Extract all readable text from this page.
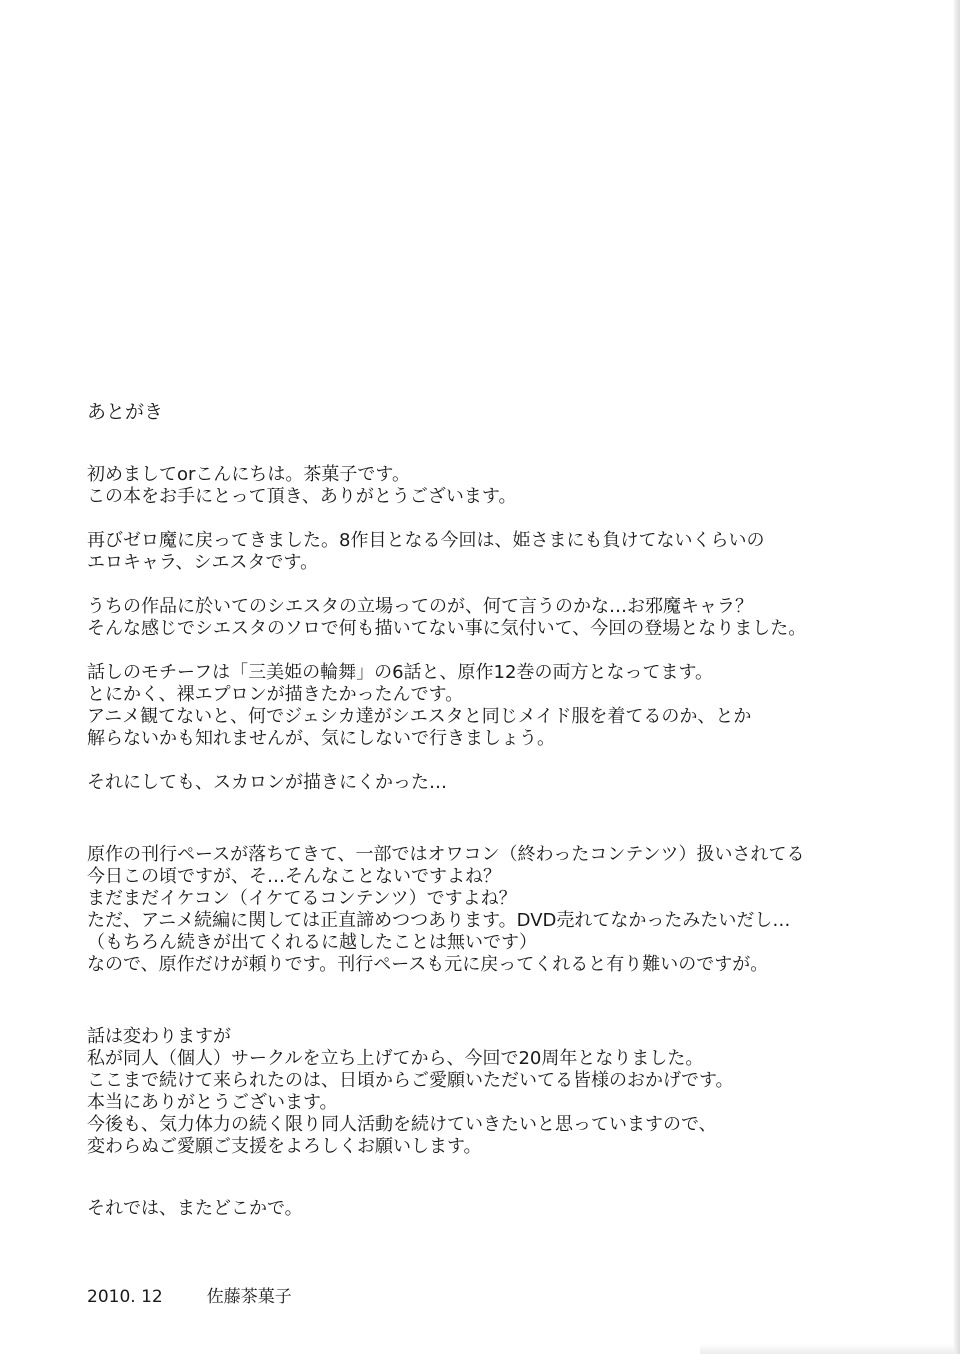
あとがき

初めましてorこんにちは。茶菓子です。
この本をお手にとって頂き、ありがとうございます。

再びゼロ魔に戻ってきました。8作目となる今回は、姫さまにも負けてないくらいの
エロキャラ、シエスタです。

うちの作品に於いてのシエスタの立場ってのが、何て言うのかな…お邪魔キャラ？
そんな感じでシエスタのソロで何も描いてない事に気付いて、今回の登場となりました。

話しのモチーフは「三美姫の輪舞」の6話と、原作12巻の両方となってます。
とにかく、裸エプロンが描きたかったんです。
アニメ観てないと、何でジェシカ達がシエスタと同じメイド服を着てるのか、とか
解らないかも知れませんが、気にしないで行きましょう。

それにしても、スカロンが描きにくかった…

原作の刊行ペースが落ちてきて、一部ではオワコン（終わったコンテンツ）扱いされてる
今日この頃ですが、そ…そんなことないですよね？
まだまだイケコン（イケてるコンテンツ）ですよね？
ただ、アニメ続編に関しては正直諦めつつあります。DVD売れてなかったみたいだし…
（もちろん続きが出てくれるに越したことは無いです）
なので、原作だけが頼りです。刊行ペースも元に戻ってくれると有り難いのですが。

話は変わりますが
私が同人（個人）サークルを立ち上げてから、今回で20周年となりました。
ここまで続けて来られたのは、日頃からご愛願いただいてる皆様のおかげです。
本当にありがとうございます。
今後も、気力体力の続く限り同人活動を続けていきたいと思っていますので、
変わらぬご愛願ご支援をよろしくお願いします。

それでは、またどこかで。

2010. 12	佐藤茶菓子
